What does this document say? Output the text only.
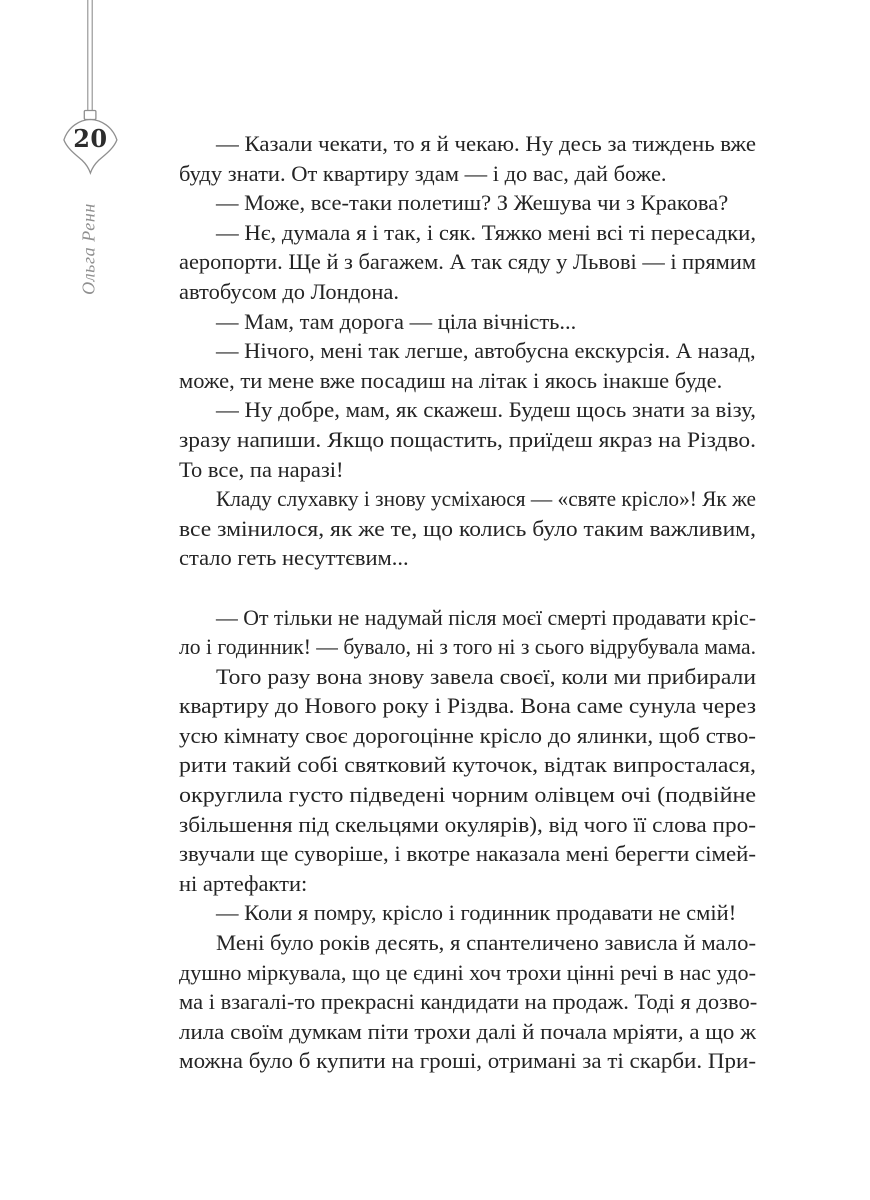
20
Ольга Ренн
— Казали чекати, то я й чекаю. Ну десь за тиждень вже
буду знати. От квартиру здам — і до вас, дай боже.
— Може, все-таки полетиш? З Жешува чи з Кракова?
— Нє, думала я і так, і сяк. Тяжко мені всі ті пересадки,
аеропорти. Ще й з багажем. А так сяду у Львові — і прямим
автобусом до Лондона.
— Мам, там дорога — ціла вічність...
— Нічого, мені так легше, автобусна екскурсія. А назад,
може, ти мене вже посадиш на літак і якось інакше буде.
— Ну добре, мам, як скажеш. Будеш щось знати за візу,
зразу напиши. Якщо пощастить, приїдеш якраз на Різдво.
То все, па наразі!
Кладу слухавку і знову усміхаюся — «святе крісло»! Як же
все змінилося, як же те, що колись було таким важливим,
стало геть несуттєвим...
— От тільки не надумай після моєї смерті продавати кріс-
ло і годинник! — бувало, ні з того ні з сього відрубувала мама.
Того разу вона знову завела своєї, коли ми прибирали
квартиру до Нового року і Різдва. Вона саме сунула через
усю кімнату своє дорогоцінне крісло до ялинки, щоб ство-
рити такий собі святковий куточок, відтак випросталася,
округлила густо підведені чорним олівцем очі (подвійне
збільшення під скельцями окулярів), від чого її слова про-
звучали ще суворіше, і вкотре наказала мені берегти сімей-
ні артефакти:
— Коли я помру, крісло і годинник продавати не смій!
Мені було років десять, я спантеличено зависла й мало-
душно міркувала, що це єдині хоч трохи цінні речі в нас удо-
ма і взагалі-то прекрасні кандидати на продаж. Тоді я дозво-
лила своїм думкам піти трохи далі й почала мріяти, а що ж
можна було б купити на гроші, отримані за ті скарби. При-
